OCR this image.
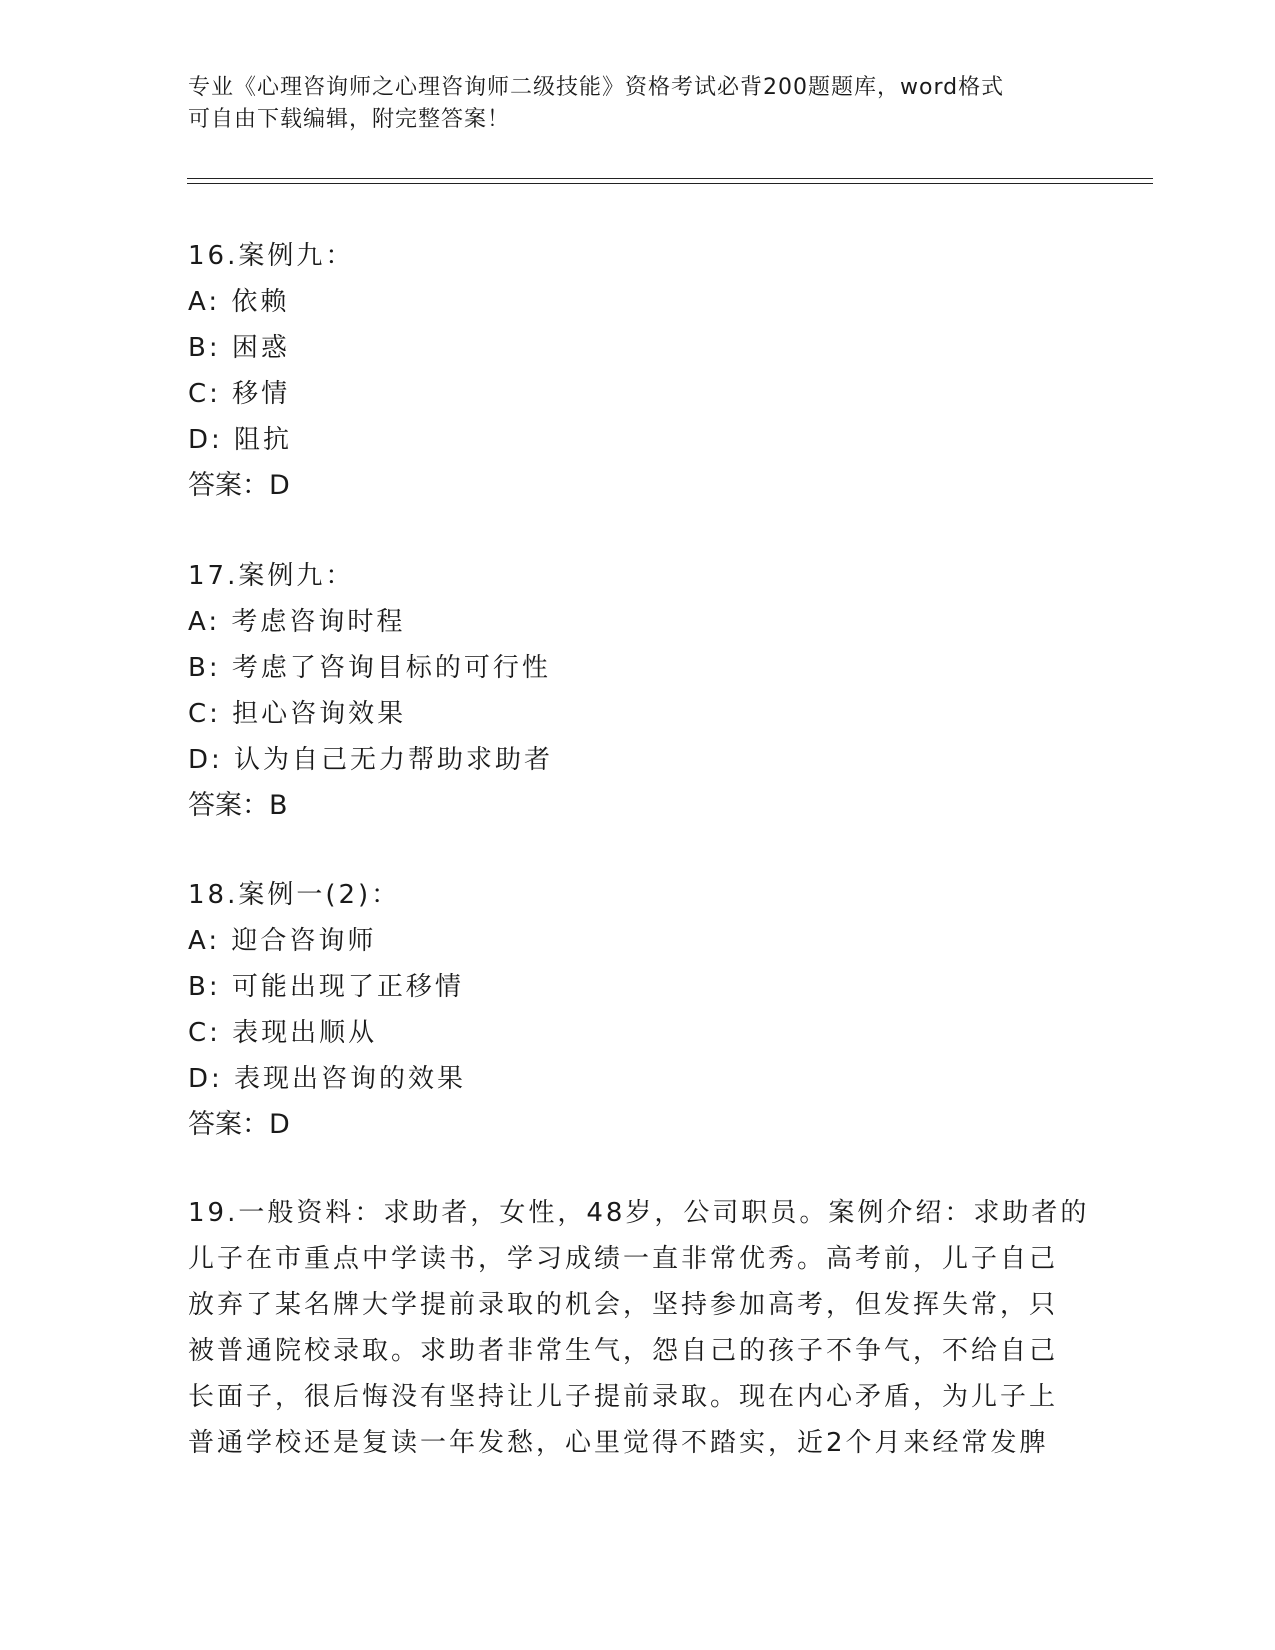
专业《心理咨询师之心理咨询师二级技能》资格考试必背200题题库，word格式
可自由下载编辑，附完整答案！
16.案例九：
A: 依赖
B: 困惑
C: 移情
D: 阻抗
答案：D
17.案例九：
A: 考虑咨询时程
B: 考虑了咨询目标的可行性
C: 担心咨询效果
D: 认为自己无力帮助求助者
答案：B
18.案例一(2)：
A: 迎合咨询师
B: 可能出现了正移情
C: 表现出顺从
D: 表现出咨询的效果
答案：D
19.一般资料：求助者，女性，48岁，公司职员。案例介绍：求助者的
儿子在市重点中学读书，学习成绩一直非常优秀。高考前，儿子自己
放弃了某名牌大学提前录取的机会，坚持参加高考，但发挥失常，只
被普通院校录取。求助者非常生气，怨自己的孩子不争气，不给自己
长面子，很后悔没有坚持让儿子提前录取。现在内心矛盾，为儿子上
普通学校还是复读一年发愁，心里觉得不踏实，近2个月来经常发脾
